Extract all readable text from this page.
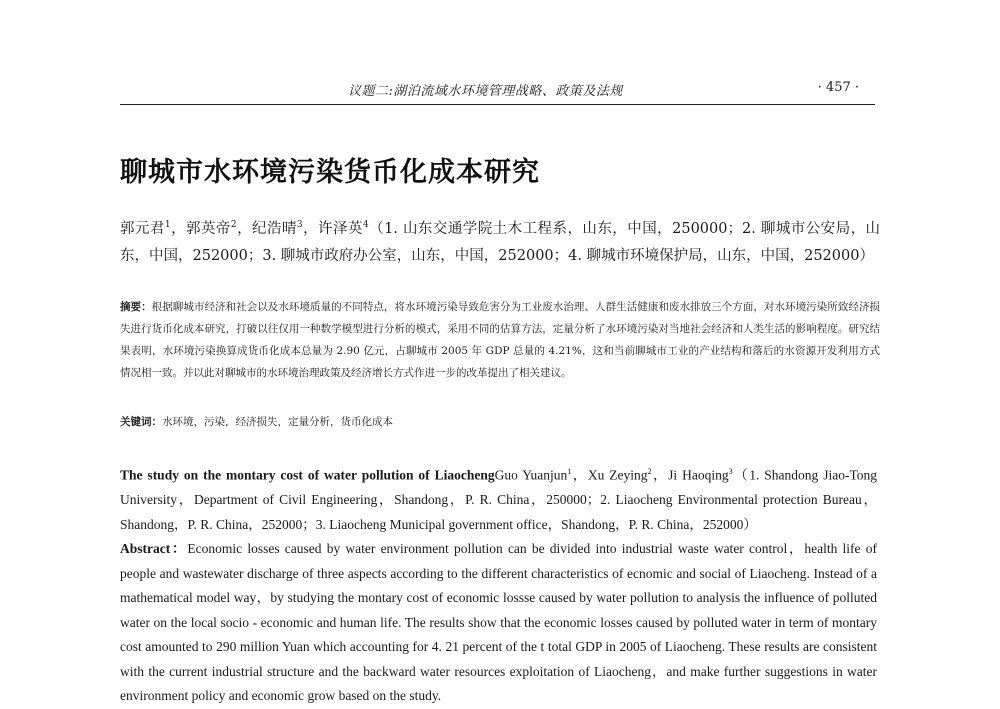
议题二:湖泊流域水环境管理战略、政策及法规	· 457 ·
聊城市水环境污染货币化成本研究
郭元君$^1$，郭英帝$^2$，纪浩晴$^3$，许泽英$^4$（1. 山东交通学院土木工程系，山东，中国，250000；2. 聊城市公安局，山东，中国，252000；3. 聊城市政府办公室，山东，中国，252000；4. 聊城市环境保护局，山东，中国，252000）
摘要：根据聊城市经济和社会以及水环境质量的不同特点，将水环境污染导致危害分为工业废水治理、人群生活健康和废水排放三个方面，对水环境污染所致经济损失进行货币化成本研究，打破以往仅用一种数学模型进行分析的模式，采用不同的估算方法，定量分析了水环境污染对当地社会经济和人类生活的影响程度。研究结果表明，水环境污染换算成货币化成本总量为 2.90 亿元，占聊城市 2005 年 GDP 总量的 4.21%，这和当前聊城市工业的产业结构和落后的水资源开发利用方式情况相一致。并以此对聊城市的水环境治理政策及经济增长方式作进一步的改革提出了相关建议。
关键词：水环境，污染，经济损失，定量分析，货币化成本
The study on the montary cost of water pollution of LiaochengGuo Yuanjun$^1$，Xu Zeying$^2$，Ji Haoqing$^3$（1. Shandong Jiao-Tong University，Department of Civil Engineering，Shandong，P. R. China，250000；2. Liaocheng Environmental protection Bureau，Shandong，P. R. China，252000；3. Liaocheng Municipal government office，Shandong，P. R. China，252000）
Abstract：Economic losses caused by water environment pollution can be divided into industrial waste water control，health life of people and wastewater discharge of three aspects according to the different characteristics of ecnomic and social of Liaocheng. Instead of a mathematical model way，by studying the montary cost of economic lossse caused by water pollution to analysis the influence of polluted water on the local socio - economic and human life. The results show that the economic losses caused by polluted water in term of montary cost amounted to 290 million Yuan which accounting for 4. 21 percent of the t total GDP in 2005 of Liaocheng. These results are consistent with the current industrial structure and the backward water resources exploitation of Liaocheng，and make further suggestions in water environment policy and economic grow based on the study.
